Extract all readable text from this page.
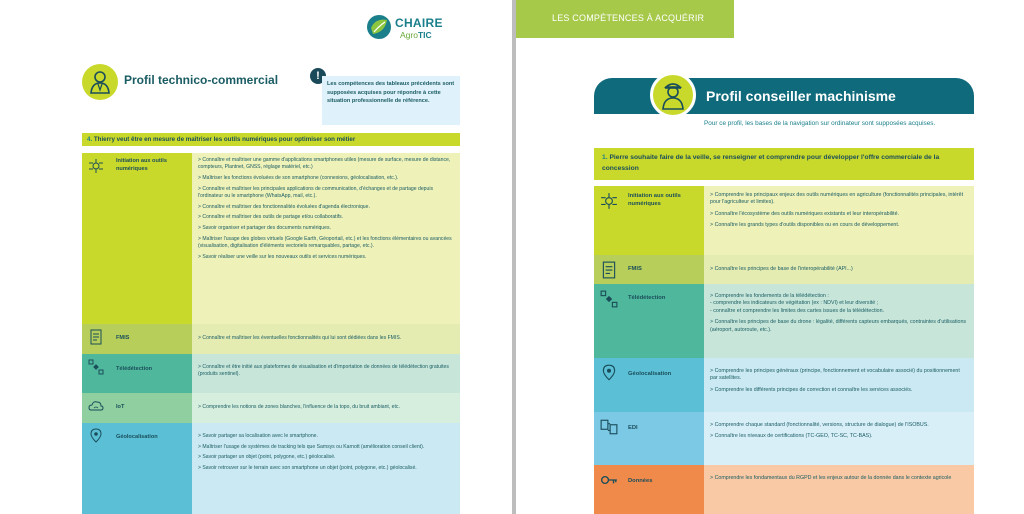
CHAIRE
AgroTIC
Profil technico-commercial	!
Les compétences des tableaux précédents sont supposées acquises pour répondre à cette situation professionnelle de référence.
4. Thierry veut être en mesure de maîtriser les outils numériques pour optimiser son métier
Initiation aux outils numériques
> Connaître et maîtriser une gamme d'applications smartphones utiles (mesure de surface, mesure de distance, compteurs, Plantnet, GNSS, réglage matériel, etc.)
> Maîtriser les fonctions évoluées de son smartphone (connexions, géolocalisation, etc.).
> Connaître et maîtriser les principales applications de communication, d'échanges et de partage depuis l'ordinateur ou le smartphone (WhatsApp, mail, etc.).
> Connaître et maîtriser des fonctionnalités évoluées d'agenda électronique.
> Connaître et maîtriser des outils de partage et/ou collaboratifs.
> Savoir organiser et partager des documents numériques.
> Maîtriser l'usage des globes virtuels (Google Earth, Géoportail, etc.) et les fonctions élémentaires ou avancées (visualisation, digitalisation d'éléments vectoriels remarquables, partage, etc.).
> Savoir réaliser une veille sur les nouveaux outils et services numériques.
FMIS	> Connaître et maîtriser les éventuelles fonctionnalités qui lui sont dédiées dans les FMIS.
Télédétection	> Connaître et être initié aux plateformes de visualisation et d'importation de données de télédétection gratuites (produits sentinel).
IoT	> Comprendre les notions de zones blanches, l'influence de la topo, du bruit ambiant, etc.
Géolocalisation	> Savoir partager sa localisation avec le smartphone.
> Maîtriser l'usage de systèmes de tracking tels que Samsys ou Karnott (amélioration conseil client).
> Savoir partager un objet (point, polygone, etc.) géolocalisé.
> Savoir retrouver sur le terrain avec son smartphone un objet (point, polygone, etc.) géolocalisé.
LES COMPÉTENCES À ACQUÉRIR
Profil conseiller machinisme
Pour ce profil, les bases de la navigation sur ordinateur sont supposées acquises.
1. Pierre souhaite faire de la veille, se renseigner et comprendre pour développer l'offre commerciale de la concession
Initiation aux outils numériques
> Comprendre les principaux enjeux des outils numériques en agriculture (fonctionnalités principales, intérêt pour l'agriculteur et limites).
> Connaître l'écosystème des outils numériques existants et leur interopérabilité.
> Connaître les grands types d'outils disponibles ou en cours de développement.
FMIS	> Connaître les principes de base de l'interopérabilité (API...)
Télédétection	> Comprendre les fondements de la télédétection :
- comprendre les indicateurs de végétation (ex : NDVI) et leur diversité ;
- connaître et comprendre les limites des cartes issues de la télédétection.
> Connaître les principes de base du drone : légalité, différents capteurs embarqués, contraintes d'utilisations (aéroport, autoroute, etc.).
Géolocalisation	> Comprendre les principes généraux (principe, fonctionnement et vocabulaire associé) du positionnement par satellites.
> Comprendre les différents principes de correction et connaître les services associés.
EDI	> Comprendre chaque standard (fonctionnalité, versions, structure de dialogue) de l'ISOBUS.
> Connaître les niveaux de certifications (TC-GEO, TC-SC, TC-BAS).
Données	> Comprendre les fondamentaux du RGPD et les enjeux autour de la donnée dans le contexte agricole
